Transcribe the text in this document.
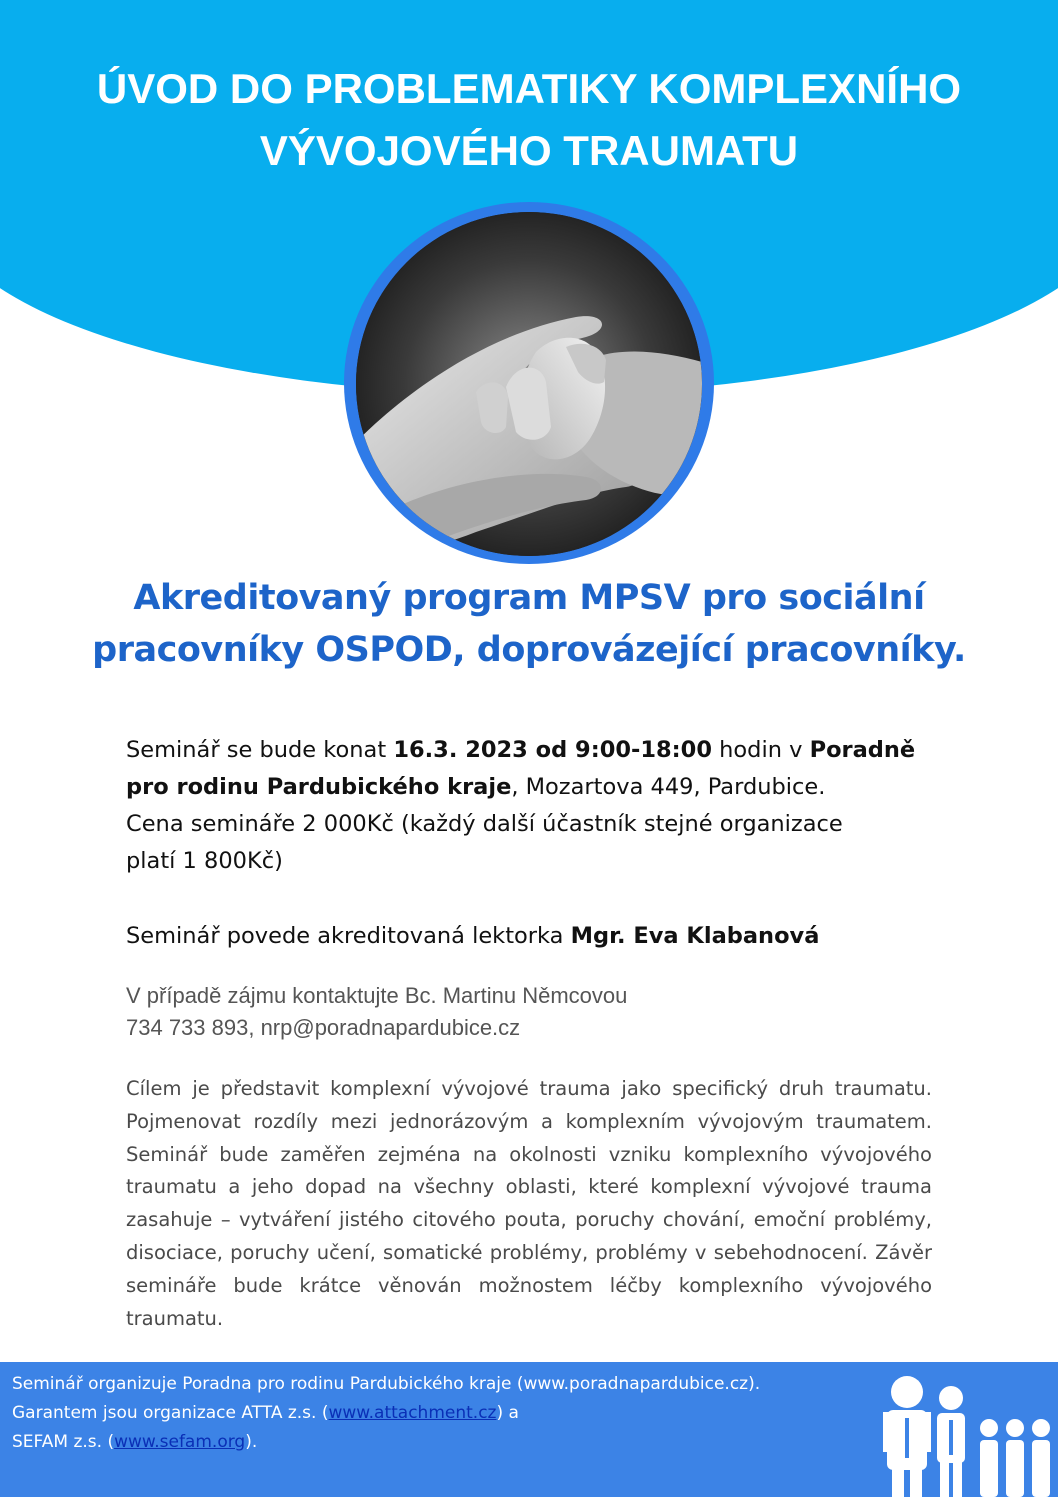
ÚVOD DO PROBLEMATIKY KOMPLEXNÍHO
VÝVOJOVÉHO TRAUMATU
Akreditovaný program MPSV pro sociální
pracovníky OSPOD, doprovázející pracovníky.
Seminář se bude konat 16.3. 2023 od 9:00-18:00 hodin v Poradně
pro rodinu Pardubického kraje, Mozartova 449, Pardubice.
Cena semináře 2 000Kč (každý další účastník stejné organizace
platí 1 800Kč)
Seminář povede akreditovaná lektorka Mgr. Eva Klabanová
V případě zájmu kontaktujte Bc. Martinu Němcovou
734 733 893, nrp@poradnapardubice.cz
Cílem je představit komplexní vývojové trauma jako specifický druh traumatu. Pojmenovat rozdíly mezi jednorázovým a komplexním vývojovým traumatem. Seminář bude zaměřen zejména na okolnosti vzniku komplexního vývojového traumatu a jeho dopad na všechny oblasti, které komplexní vývojové trauma zasahuje – vytváření jistého citového pouta, poruchy chování, emoční problémy, disociace, poruchy učení, somatické problémy, problémy v sebehodnocení. Závěr semináře bude krátce věnován možnostem léčby komplexního vývojového traumatu.
Seminář organizuje Poradna pro rodinu Pardubického kraje (www.poradnapardubice.cz).
Garantem jsou organizace ATTA z.s. (www.attachment.cz) a
SEFAM z.s. (www.sefam.org).
